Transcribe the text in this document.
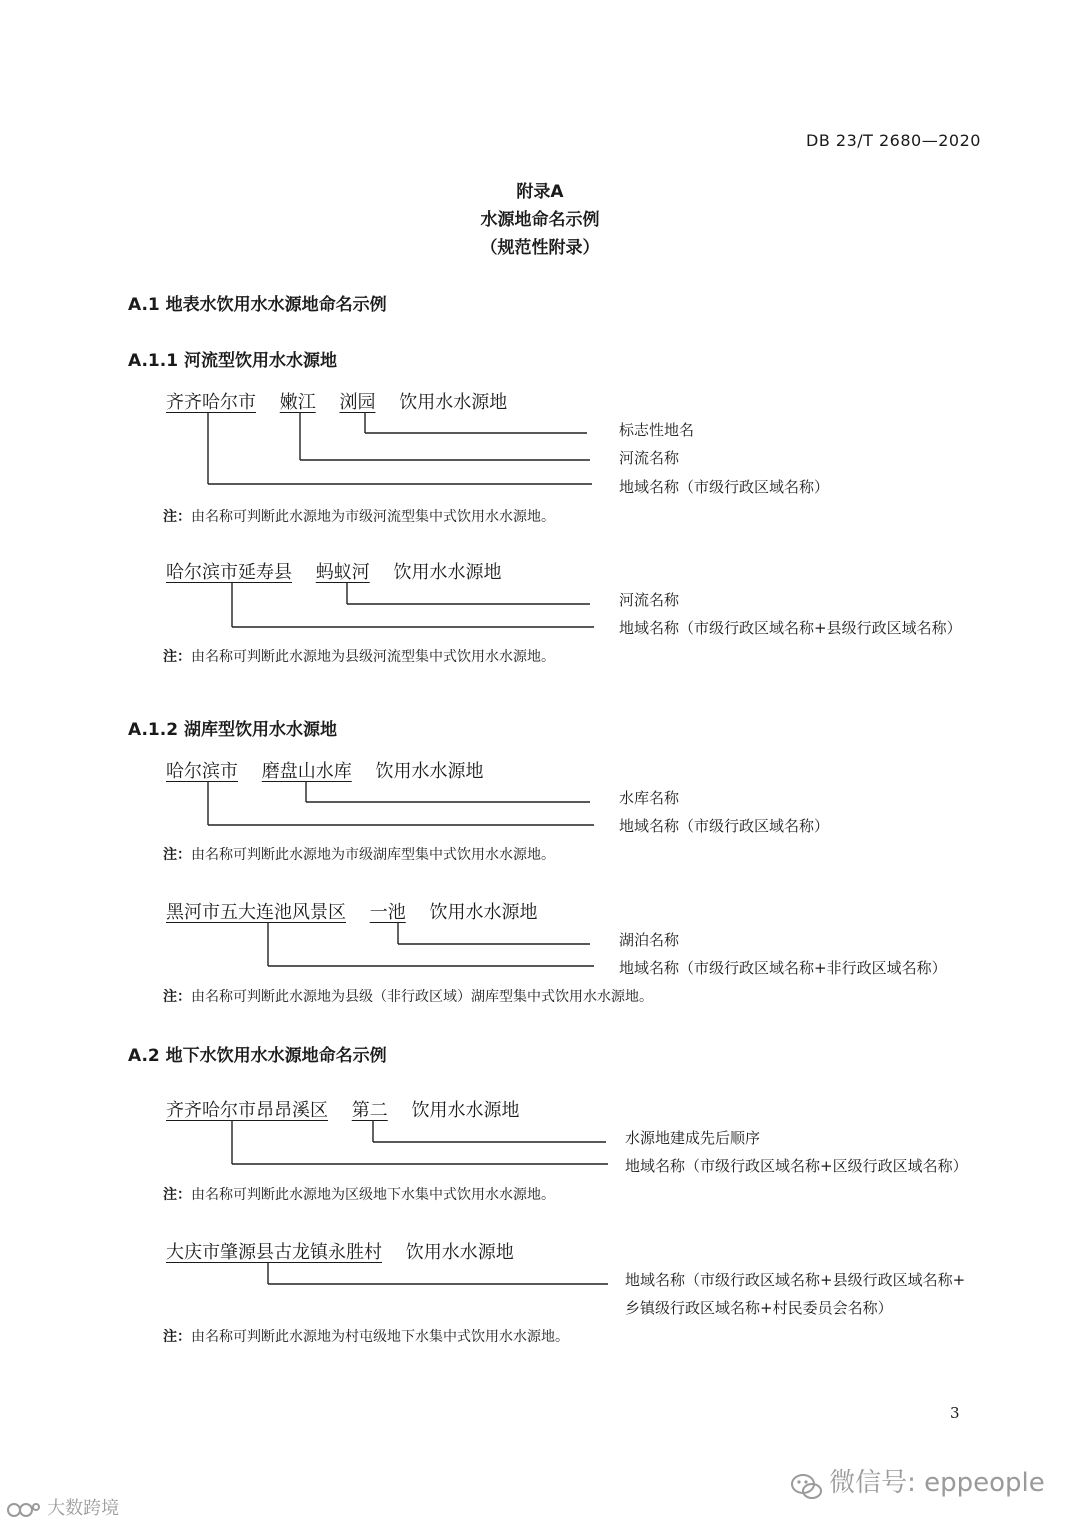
DB 23/T 2680—2020
附录A
水源地命名示例
（规范性附录）
A.1 地表水饮用水水源地命名示例
A.1.1 河流型饮用水水源地
A.1.2 湖库型饮用水水源地
A.2 地下水饮用水水源地命名示例
齐齐哈尔市 嫩江 浏园 饮用水水源地
标志性地名
河流名称
地域名称（市级行政区域名称）
注：由名称可判断此水源地为市级河流型集中式饮用水水源地。
哈尔滨市延寿县 蚂蚁河 饮用水水源地
河流名称
地域名称（市级行政区域名称+县级行政区域名称）
注：由名称可判断此水源地为县级河流型集中式饮用水水源地。
哈尔滨市 磨盘山水库 饮用水水源地
水库名称
地域名称（市级行政区域名称）
注：由名称可判断此水源地为市级湖库型集中式饮用水水源地。
黑河市五大连池风景区 一池 饮用水水源地
湖泊名称
地域名称（市级行政区域名称+非行政区域名称）
注：由名称可判断此水源地为县级（非行政区域）湖库型集中式饮用水水源地。
齐齐哈尔市昂昂溪区 第二 饮用水水源地
水源地建成先后顺序
地域名称（市级行政区域名称+区级行政区域名称）
注：由名称可判断此水源地为区级地下水集中式饮用水水源地。
大庆市肇源县古龙镇永胜村 饮用水水源地
地域名称（市级行政区域名称+县级行政区域名称+
乡镇级行政区域名称+村民委员会名称）
注：由名称可判断此水源地为村屯级地下水集中式饮用水水源地。
3
微信号: eppeople
大数跨境
